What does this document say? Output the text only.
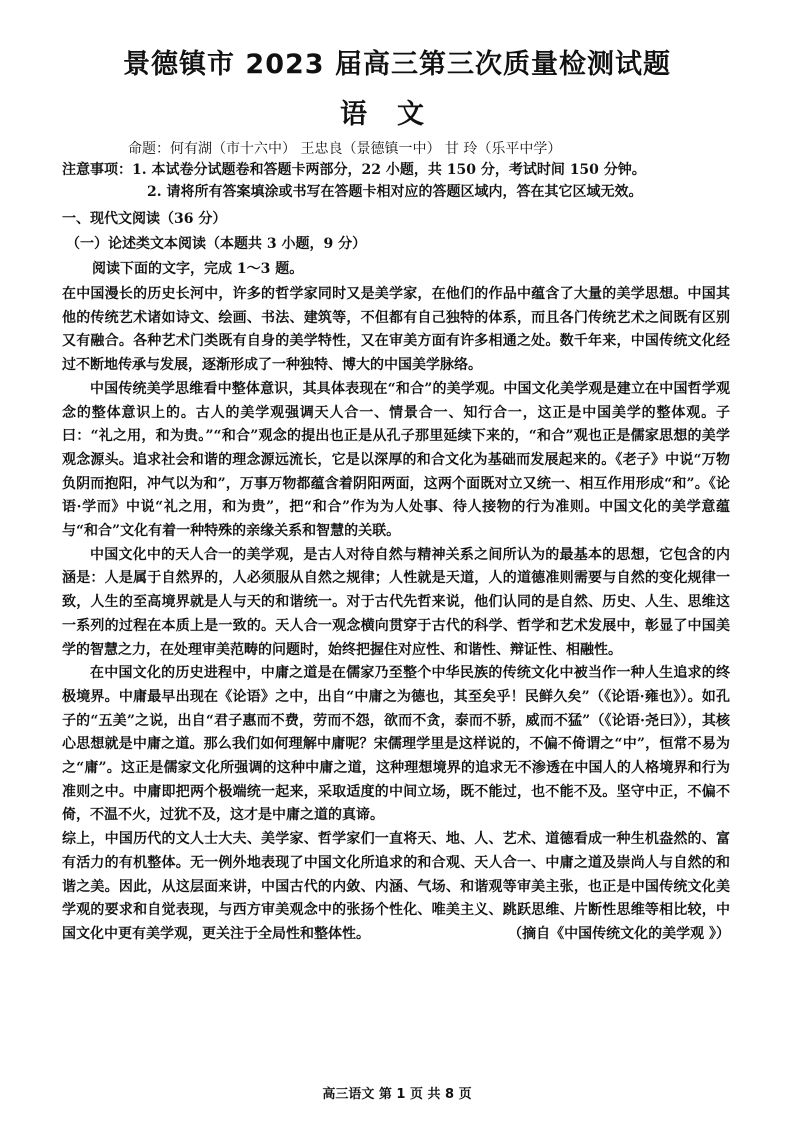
景德镇市 2023 届高三第三次质量检测试题
语文
命题：何有湖（市十六中） 王忠良（景德镇一中） 甘 玲（乐平中学）
注意事项：1. 本试卷分试题卷和答题卡两部分，22 小题，共 150 分，考试时间 150 分钟。
2. 请将所有答案填涂或书写在答题卡相对应的答题区域内，答在其它区域无效。
一、现代文阅读（36 分）
（一）论述类文本阅读（本题共 3 小题，9 分）
阅读下面的文字，完成 1～3 题。

在中国漫长的历史长河中，许多的哲学家同时又是美学家，在他们的作品中蕴含了大量的美学思想。中国其他的传统艺术诸如诗文、绘画、书法、建筑等，不但都有自己独特的体系，而且各门传统艺术之间既有区别又有融合。各种艺术门类既有自身的美学特性，又在审美方面有许多相通之处。数千年来，中国传统文化经过不断地传承与发展，逐渐形成了一种独特、博大的中国美学脉络。

中国传统美学思维看中整体意识，其具体表现在“和合”的美学观。中国文化美学观是建立在中国哲学观念的整体意识上的。古人的美学观强调天人合一、情景合一、知行合一，这正是中国美学的整体观。子曰：“礼之用，和为贵。”“和合”观念的提出也正是从孔子那里延续下来的，“和合”观也正是儒家思想的美学观念源头。追求社会和谐的理念源远流长，它是以深厚的和合文化为基础而发展起来的。《老子》中说“万物负阴而抱阳，冲气以为和”，万事万物都蕴含着阴阳两面，这两个面既对立又统一、相互作用形成“和”。《论语·学而》中说“礼之用，和为贵”，把“和合”作为为人处事、待人接物的行为准则。中国文化的美学意蕴与“和合”文化有着一种特殊的亲缘关系和智慧的关联。

中国文化中的天人合一的美学观，是古人对待自然与精神关系之间所认为的最基本的思想，它包含的内涵是：人是属于自然界的，人必须服从自然之规律；人性就是天道，人的道德准则需要与自然的变化规律一致，人生的至高境界就是人与天的和谐统一。对于古代先哲来说，他们认同的是自然、历史、人生、思维这一系列的过程在本质上是一致的。天人合一观念横向贯穿于古代的科学、哲学和艺术发展中，彰显了中国美学的智慧之力，在处理审美范畴的问题时，始终把握住对应性、和谐性、辩证性、相融性。

在中国文化的历史进程中，中庸之道是在儒家乃至整个中华民族的传统文化中被当作一种人生追求的终极境界。中庸最早出现在《论语》之中，出自“中庸之为德也，其至矣乎！民鲜久矣”（《论语·雍也》）。如孔子的“五美”之说，出自“君子惠而不费，劳而不怨，欲而不贪，泰而不骄，威而不猛”（《论语·尧曰》），其核心思想就是中庸之道。那么我们如何理解中庸呢？宋儒理学里是这样说的，不偏不倚谓之“中”，恒常不易为之“庸”。这正是儒家文化所强调的这种中庸之道，这种理想境界的追求无不渗透在中国人的人格境界和行为准则之中。中庸即把两个极端统一起来，采取适度的中间立场，既不能过，也不能不及。坚守中正，不偏不倚，不温不火，过犹不及，这才是中庸之道的真谛。

综上，中国历代的文人士大夫、美学家、哲学家们一直将天、地、人、艺术、道德看成一种生机盎然的、富有活力的有机整体。无一例外地表现了中国文化所追求的和合观、天人合一、中庸之道及崇尚人与自然的和谐之美。因此，从这层面来讲，中国古代的内敛、内涵、气场、和谐观等审美主张，也正是中国传统文化美学观的要求和自觉表现，与西方审美观念中的张扬个性化、唯美主义、跳跃思维、片断性思维等相比较，中国文化中更有美学观，更关注于全局性和整体性。	（摘自《中国传统文化的美学观 》）

高三语文 第 1 页 共 8 页
